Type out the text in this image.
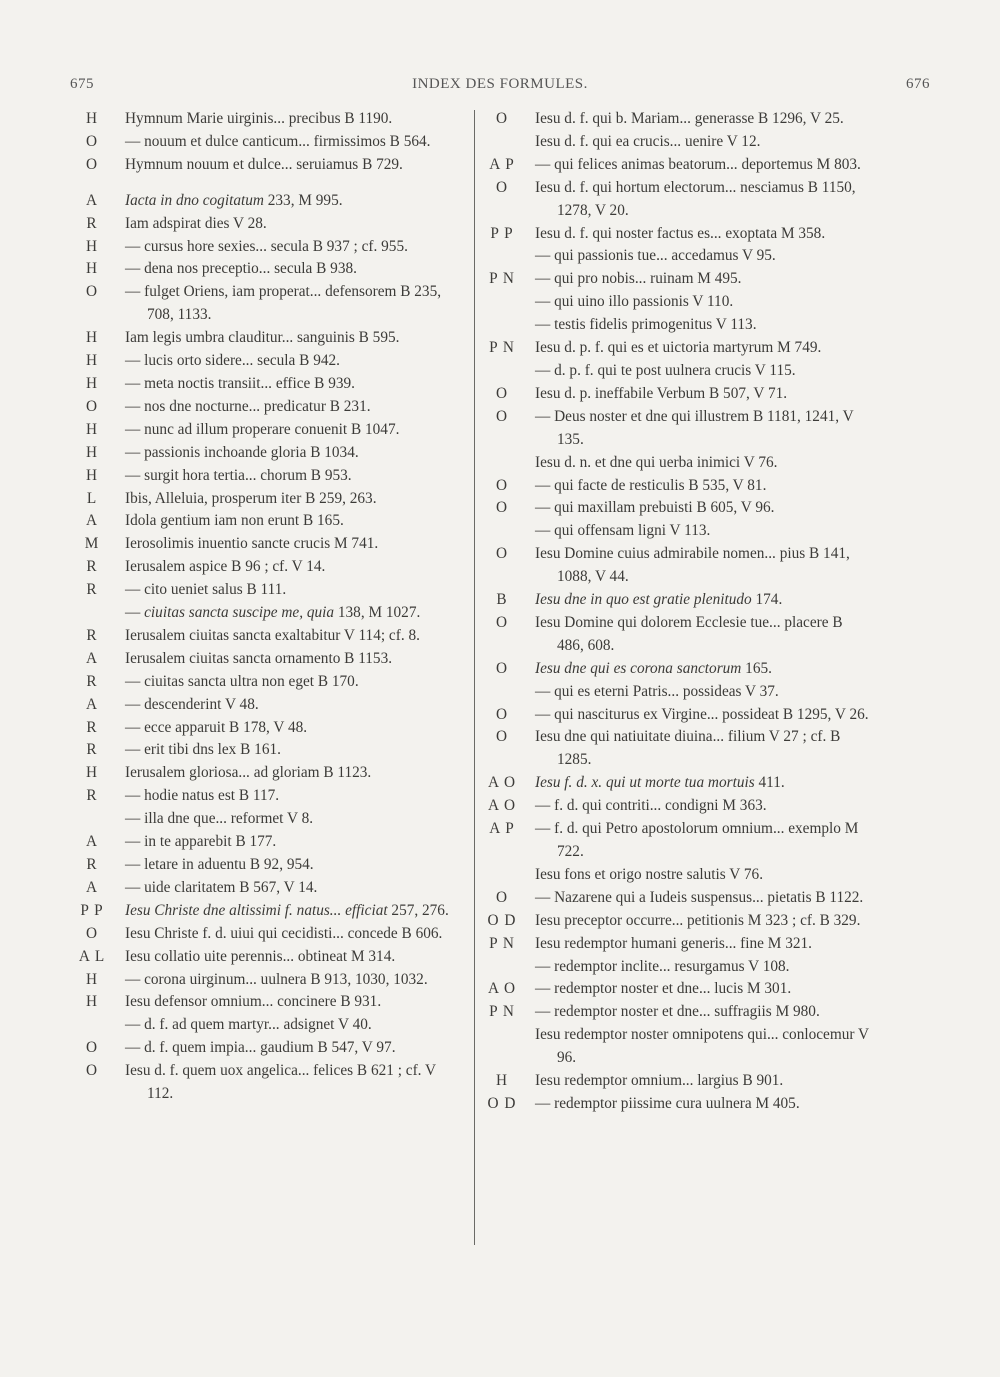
675	INDEX DES FORMULES.	676
H	Hymnum Marie uirginis... precibus B 1190.
O	— nouum et dulce canticum... firmissimos B 564.
O	Hymnum nouum et dulce... seruiamus B 729.
A	Iacta in dno cogitatum 233, M 995.
R	Iam adspirat dies V 28.
H	— cursus hore sexies... secula B 937 ; cf. 955.
H	— dena nos preceptio... secula B 938.
O	— fulget Oriens, iam properat... defensorem B 235, 708, 1133.
H	Iam legis umbra clauditur... sanguinis B 595.
H	— lucis orto sidere... secula B 942.
H	— meta noctis transiit... effice B 939.
O	— nos dne nocturne... predicatur B 231.
H	— nunc ad illum properare conuenit B 1047.
H	— passionis inchoande gloria B 1034.
H	— surgit hora tertia... chorum B 953.
L	Ibis, Alleluia, prosperum iter B 259, 263.
A	Idola gentium iam non erunt B 165.
M	Ierosolimis inuentio sancte crucis M 741.
R	Ierusalem aspice B 96 ; cf. V 14.
R	— cito ueniet salus B 111.
— ciuitas sancta suscipe me, quia 138, M 1027.
R	Ierusalem ciuitas sancta exaltabitur V 114; cf. 8.
A	Ierusalem ciuitas sancta ornamento B 1153.
R	— ciuitas sancta ultra non eget B 170.
A	— descenderint V 48.
R	— ecce apparuit B 178, V 48.
R	— erit tibi dns lex B 161.
H	Ierusalem gloriosa... ad gloriam B 1123.
R	— hodie natus est B 117.
— illa dne que... reformet V 8.
A	— in te apparebit B 177.
R	— letare in aduentu B 92, 954.
A	— uide claritatem B 567, V 14.
P P	Iesu Christe dne altissimi f. natus... efficiat 257, 276.
O	Iesu Christe f. d. uiui qui cecidisti... concede B 606.
A L	Iesu collatio uite perennis... obtineat M 314.
H	— corona uirginum... uulnera B 913, 1030, 1032.
H	Iesu defensor omnium... concinere B 931.
— d. f. ad quem martyr... adsignet V 40.
O	— d. f. quem impia... gaudium B 547, V 97.
O	Iesu d. f. quem uox angelica... felices B 621 ; cf. V 112.
O	Iesu d. f. qui b. Mariam... generasse B 1296, V 25.
Iesu d. f. qui ea crucis... uenire V 12.
A P	— qui felices animas beatorum... deportemus M 803.
O	Iesu d. f. qui hortum electorum... nesciamus B 1150, 1278, V 20.
P P	Iesu d. f. qui noster factus es... exoptata M 358.
— qui passionis tue... accedamus V 95.
P N	— qui pro nobis... ruinam M 495.
— qui uino illo passionis V 110.
— testis fidelis primogenitus V 113.
P N	Iesu d. p. f. qui es et uictoria martyrum M 749.
— d. p. f. qui te post uulnera crucis V 115.
O	Iesu d. p. ineffabile Verbum B 507, V 71.
O	— Deus noster et dne qui illustrem B 1181, 1241, V 135.
Iesu d. n. et dne qui uerba inimici V 76.
O	— qui facte de resticulis B 535, V 81.
O	— qui maxillam prebuisti B 605, V 96.
— qui offensam ligni V 113.
O	Iesu Domine cuius admirabile nomen... pius B 141, 1088, V 44.
B	Iesu dne in quo est gratie plenitudo 174.
O	Iesu Domine qui dolorem Ecclesie tue... placere B 486, 608.
O	Iesu dne qui es corona sanctorum 165.
— qui es eterni Patris... possideas V 37.
O	— qui nasciturus ex Virgine... possideat B 1295, V 26.
O	Iesu dne qui natiuitate diuina... filium V 27 ; cf. B 1285.
A O	Iesu f. d. x. qui ut morte tua mortuis 411.
A O	— f. d. qui contriti... condigni M 363.
A P	— f. d. qui Petro apostolorum omnium... exemplo M 722.
Iesu fons et origo nostre salutis V 76.
O	— Nazarene qui a Iudeis suspensus... pietatis B 1122.
O D	Iesu preceptor occurre... petitionis M 323 ; cf. B 329.
P N	Iesu redemptor humani generis... fine M 321.
— redemptor inclite... resurgamus V 108.
A O	— redemptor noster et dne... lucis M 301.
P N	— redemptor noster et dne... suffragiis M 980.
Iesu redemptor noster omnipotens qui... conlocemur V 96.
H	Iesu redemptor omnium... largius B 901.
O D	— redemptor piissime cura uulnera M 405.
